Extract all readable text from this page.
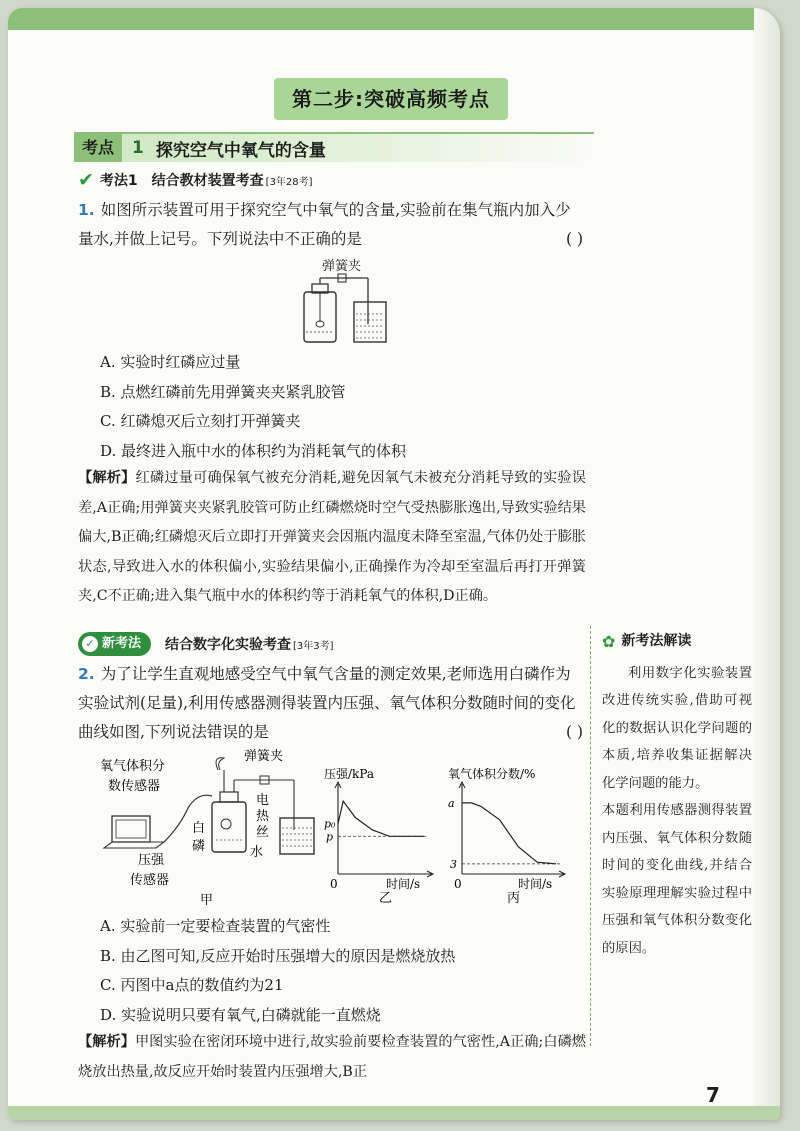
第二步:突破高频考点
考点	1 探究空气中氧气的含量
✔ 考法1 结合教材装置考查 [3年28考]
1. 如图所示装置可用于探究空气中氧气的含量,实验前在集气瓶内加入少量水,并做上记号。下列说法中不正确的是	( )
弹簧夹
A. 实验时红磷应过量
B. 点燃红磷前先用弹簧夹夹紧乳胶管
C. 红磷熄灭后立刻打开弹簧夹
D. 最终进入瓶中水的体积约为消耗氧气的体积
【解析】红磷过量可确保氧气被充分消耗,避免因氧气未被充分消耗导致的实验误差,A正确;用弹簧夹夹紧乳胶管可防止红磷燃烧时空气受热膨胀逸出,导致实验结果偏大,B正确;红磷熄灭后立即打开弹簧夹会因瓶内温度未降至室温,气体仍处于膨胀状态,导致进入水的体积偏小,实验结果偏小,正确操作为冷却至室温后再打开弹簧夹,C不正确;进入集气瓶中水的体积约等于消耗氧气的体积,D正确。
✓ 新考法 结合数字化实验考查 [3年3考]
2. 为了让学生直观地感受空气中氧气含量的测定效果,老师选用白磷作为实验试剂(足量),利用传感器测得装置内压强、氧气体积分数随时间的变化曲线如图,下列说法错误的是	( )
氧气体积分
数传感器
弹簧夹
电
热
丝
白
磷
压强
传感器
水
甲
压强/kPa
0	时间/s
p₀
p
乙
氧气体积分数/%
0	时间/s
a
3
丙
A. 实验前一定要检查装置的气密性
B. 由乙图可知,反应开始时压强增大的原因是燃烧放热
C. 丙图中a点的数值约为21
D. 实验说明只要有氧气,白磷就能一直燃烧
【解析】甲图实验在密闭环境中进行,故实验前要检查装置的气密性,A正确;白磷燃烧放出热量,故反应开始时装置内压强增大,B正
✿ 新考法解读

利用数字化实验装置改进传统实验,借助可视化的数据认识化学问题的本质,培养收集证据解决化学问题的能力。

本题利用传感器测得装置内压强、氧气体积分数随时间的变化曲线,并结合实验原理理解实验过程中压强和氧气体积分数变化的原因。

7
